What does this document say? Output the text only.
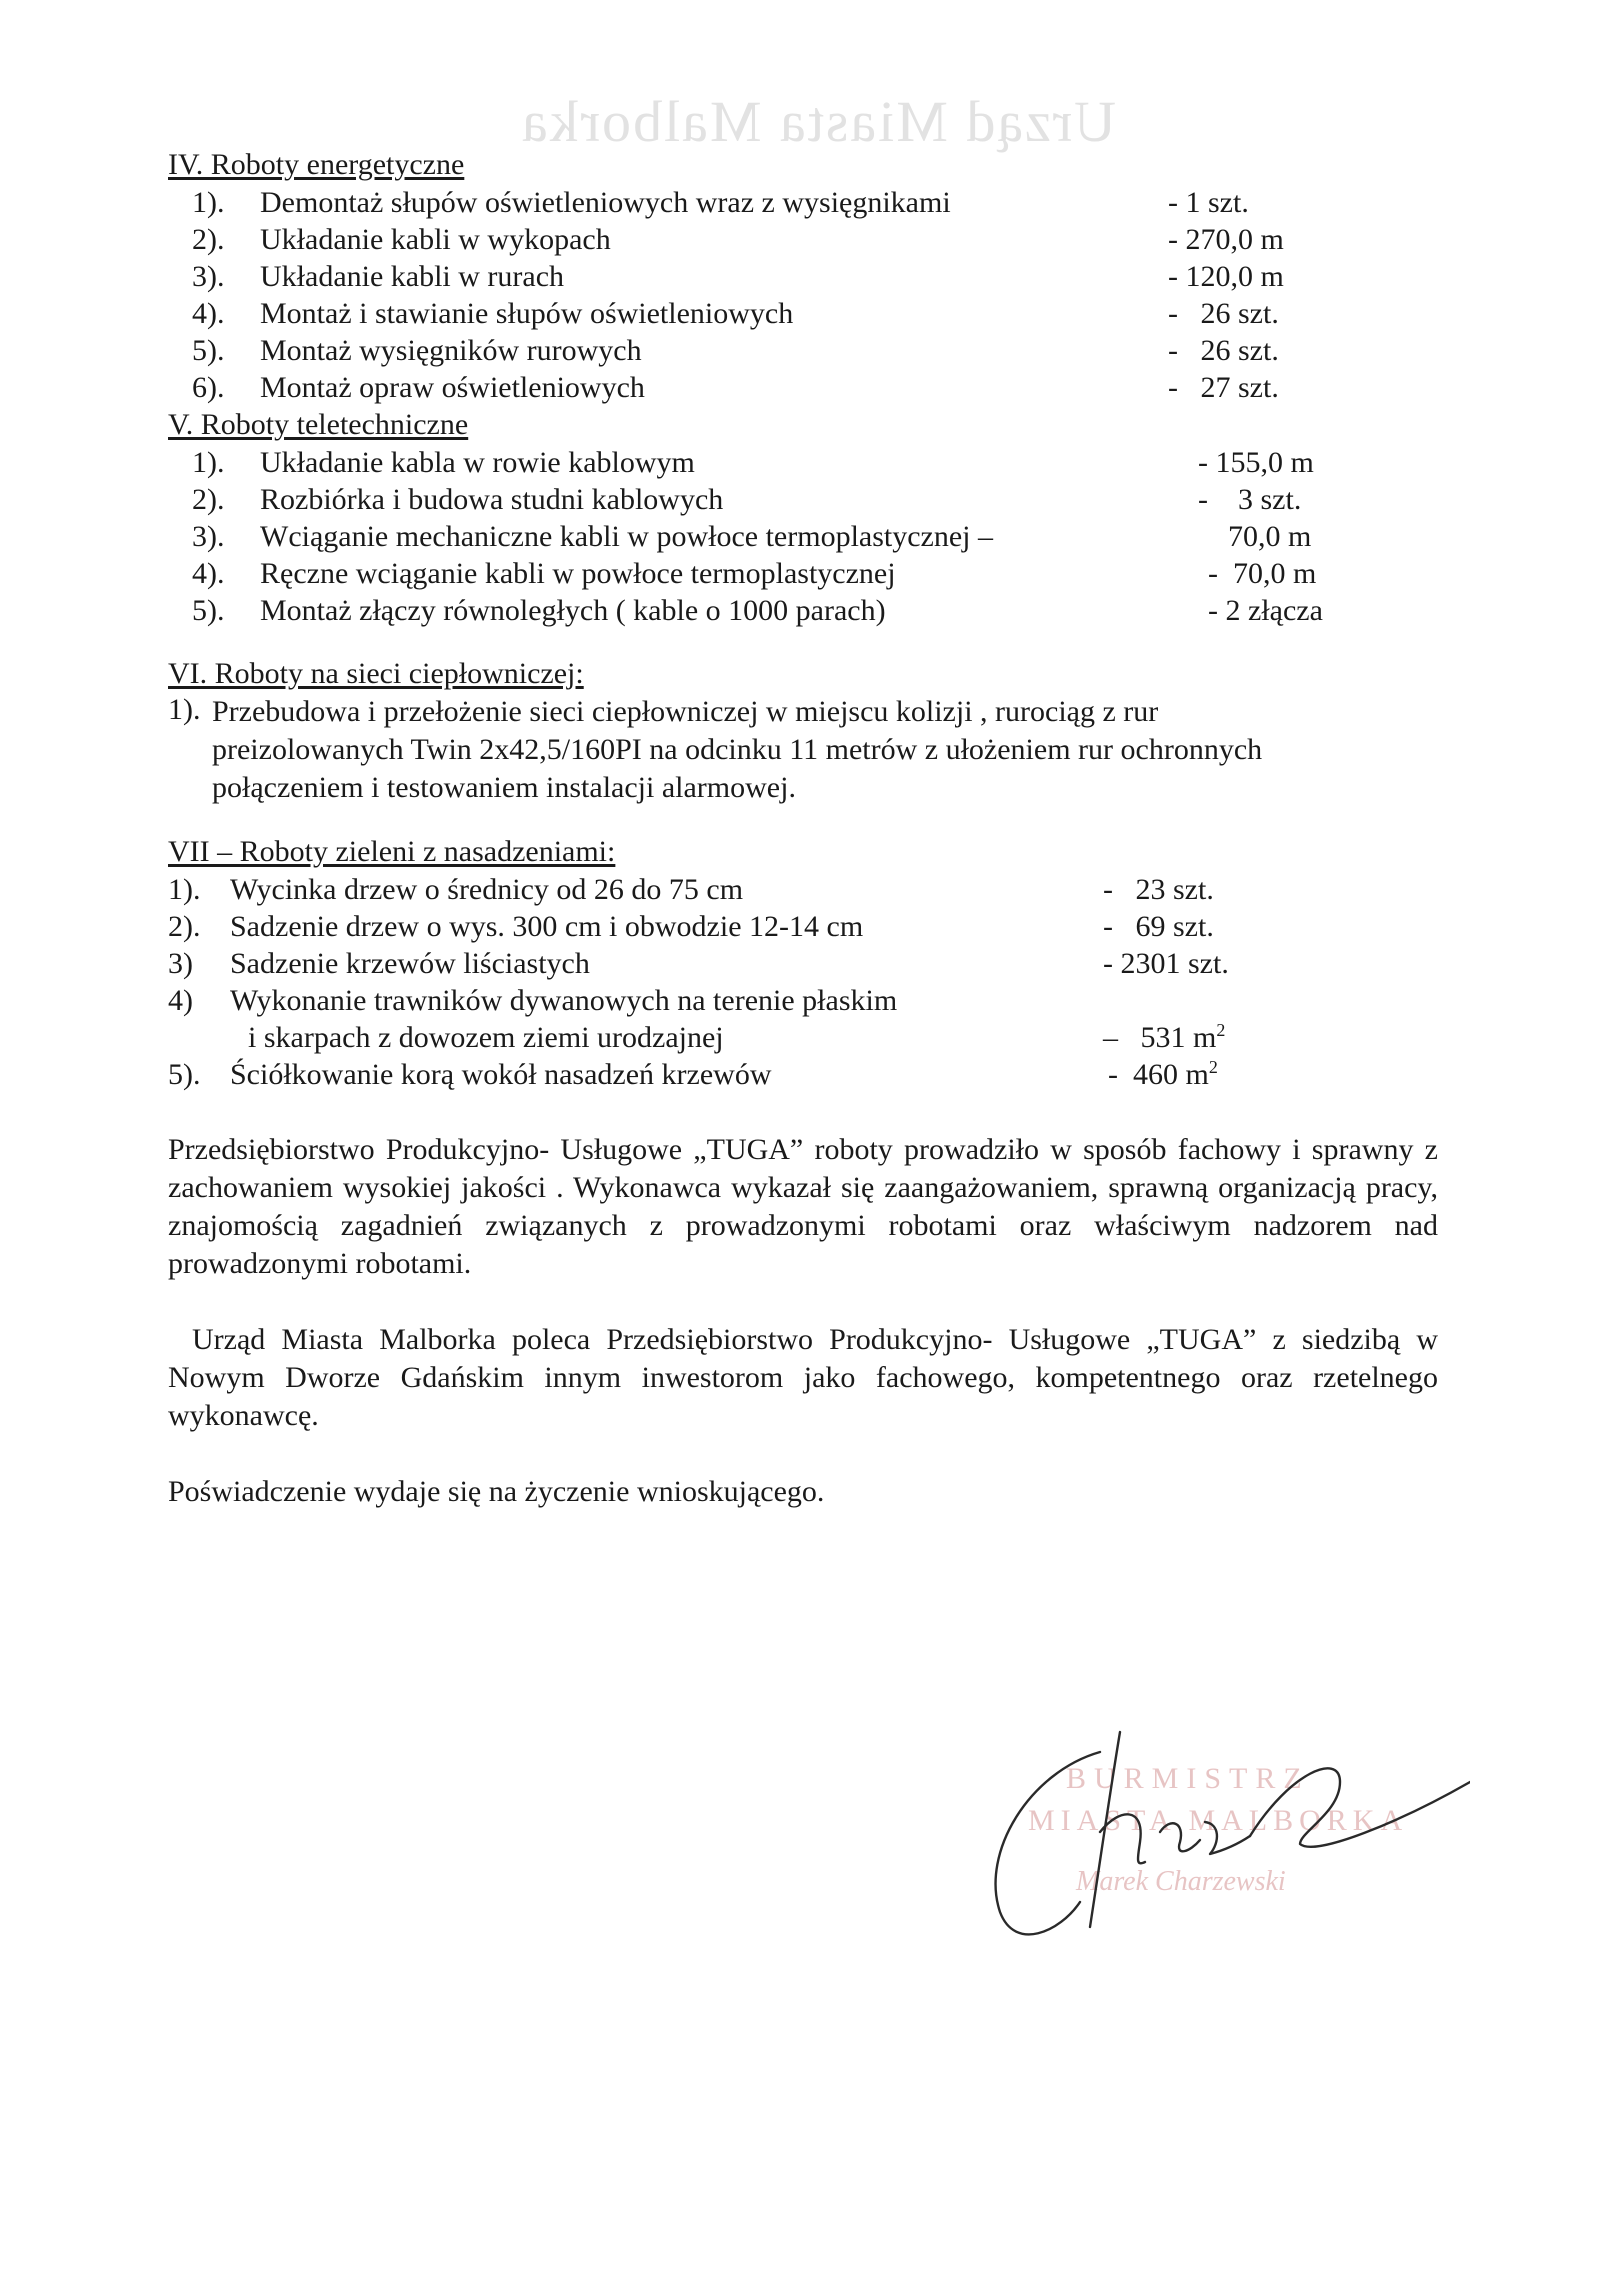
Urząd Miasta Malborka
IV. Roboty energetyczne
1). Demontaż słupów oświetleniowych wraz z wysięgnikami	- 1 szt.
2). Układanie kabli w wykopach	- 270,0 m
3). Układanie kabli w rurach	- 120,0 m
4). Montaż i stawianie słupów oświetleniowych	-   26 szt.
5). Montaż wysięgników rurowych	-   26 szt.
6). Montaż opraw oświetleniowych	-   27 szt.
V. Roboty teletechniczne
1). Układanie kabla w rowie kablowym	- 155,0 m
2). Rozbiórka i budowa studni kablowych	-    3 szt.
3). Wciąganie mechaniczne kabli w powłoce termoplastycznej –	70,0 m
4). Ręczne wciąganie kabli w powłoce termoplastycznej	-  70,0 m
5). Montaż złączy równoległych ( kable o 1000 parach)	- 2 złącza
VI. Roboty na sieci ciepłowniczej:
1). Przebudowa i przełożenie sieci ciepłowniczej w miejscu kolizji , rurociąg z rur preizolowanych Twin 2x42,5/160PI na odcinku 11 metrów z ułożeniem rur ochronnych połączeniem i testowaniem instalacji alarmowej.
VII – Roboty zieleni z nasadzeniami:
1). Wycinka drzew o średnicy od 26 do 75 cm	-   23 szt.
2). Sadzenie drzew o wys. 300 cm i obwodzie 12-14 cm	-   69 szt.
3) Sadzenie krzewów liściastych	- 2301 szt.
4) Wykonanie trawników dywanowych na terenie płaskim
i skarpach z dowozem ziemi urodzajnej	–   531 $m^2$
5). Ściółkowanie korą wokół nasadzeń krzewów	-  460 $m^2$

Przedsiębiorstwo Produkcyjno- Usługowe „TUGA” roboty prowadziło w sposób fachowy i sprawny z zachowaniem wysokiej jakości . Wykonawca wykazał się zaangażowaniem, sprawną organizacją pracy, znajomością zagadnień związanych z prowadzonymi robotami oraz właściwym nadzorem nad prowadzonymi robotami.

Urząd Miasta Malborka poleca Przedsiębiorstwo Produkcyjno- Usługowe „TUGA” z siedzibą w Nowym Dworze Gdańskim innym inwestorom jako fachowego, kompetentnego oraz rzetelnego wykonawcę.

Poświadczenie wydaje się na życzenie wnioskującego.

BURMISTRZ
MIASTA MALBORKA
Marek Charzewski
